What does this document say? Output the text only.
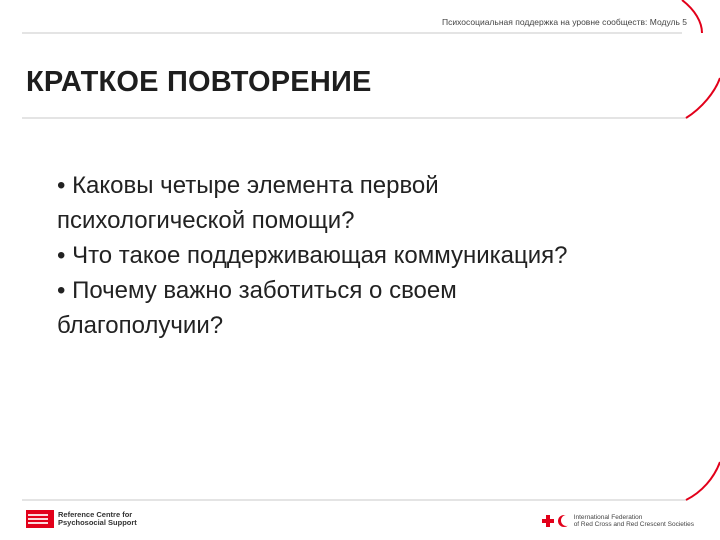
Психосоциальная поддержка на уровне сообществ: Модуль 5
КРАТКОЕ ПОВТОРЕНИЕ
• Каковы четыре элемента первой психологической помощи?
• Что такое поддерживающая коммуникация?
• Почему важно заботиться о своем благополучии?
Reference Centre for
Psychosocial Support
International Federation
of Red Cross and Red Crescent Societies
